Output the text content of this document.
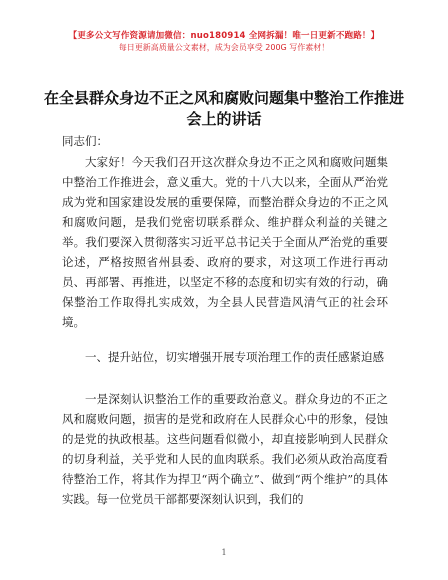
【更多公文写作资源请加微信：nuo180914 全网拆漏！唯一日更新不跑路！】
每日更新高质量公文素材，成为会员享受 200G 写作素材！
在全县群众身边不正之风和腐败问题集中整治工作推进会上的讲话
同志们：
大家好！今天我们召开这次群众身边不正之风和腐败问题集中整治工作推进会，意义重大。党的十八大以来，全面从严治党成为党和国家建设发展的重要保障，而整治群众身边的不正之风和腐败问题，是我们党密切联系群众、维护群众利益的关键之举。我们要深入贯彻落实习近平总书记关于全面从严治党的重要论述，严格按照省州县委、政府的要求，对这项工作进行再动员、再部署、再推进，以坚定不移的态度和切实有效的行动，确保整治工作取得扎实成效，为全县人民营造风清气正的社会环境。
一、提升站位，切实增强开展专项治理工作的责任感紧迫感
一是深刻认识整治工作的重要政治意义。群众身边的不正之风和腐败问题，损害的是党和政府在人民群众心中的形象，侵蚀的是党的执政根基。这些问题看似微小，却直接影响到人民群众的切身利益，关乎党和人民的血肉联系。我们必须从政治高度看待整治工作，将其作为捍卫“两个确立”、做到“两个维护”的具体实践。每一位党员干部都要深刻认识到，我们的
1
